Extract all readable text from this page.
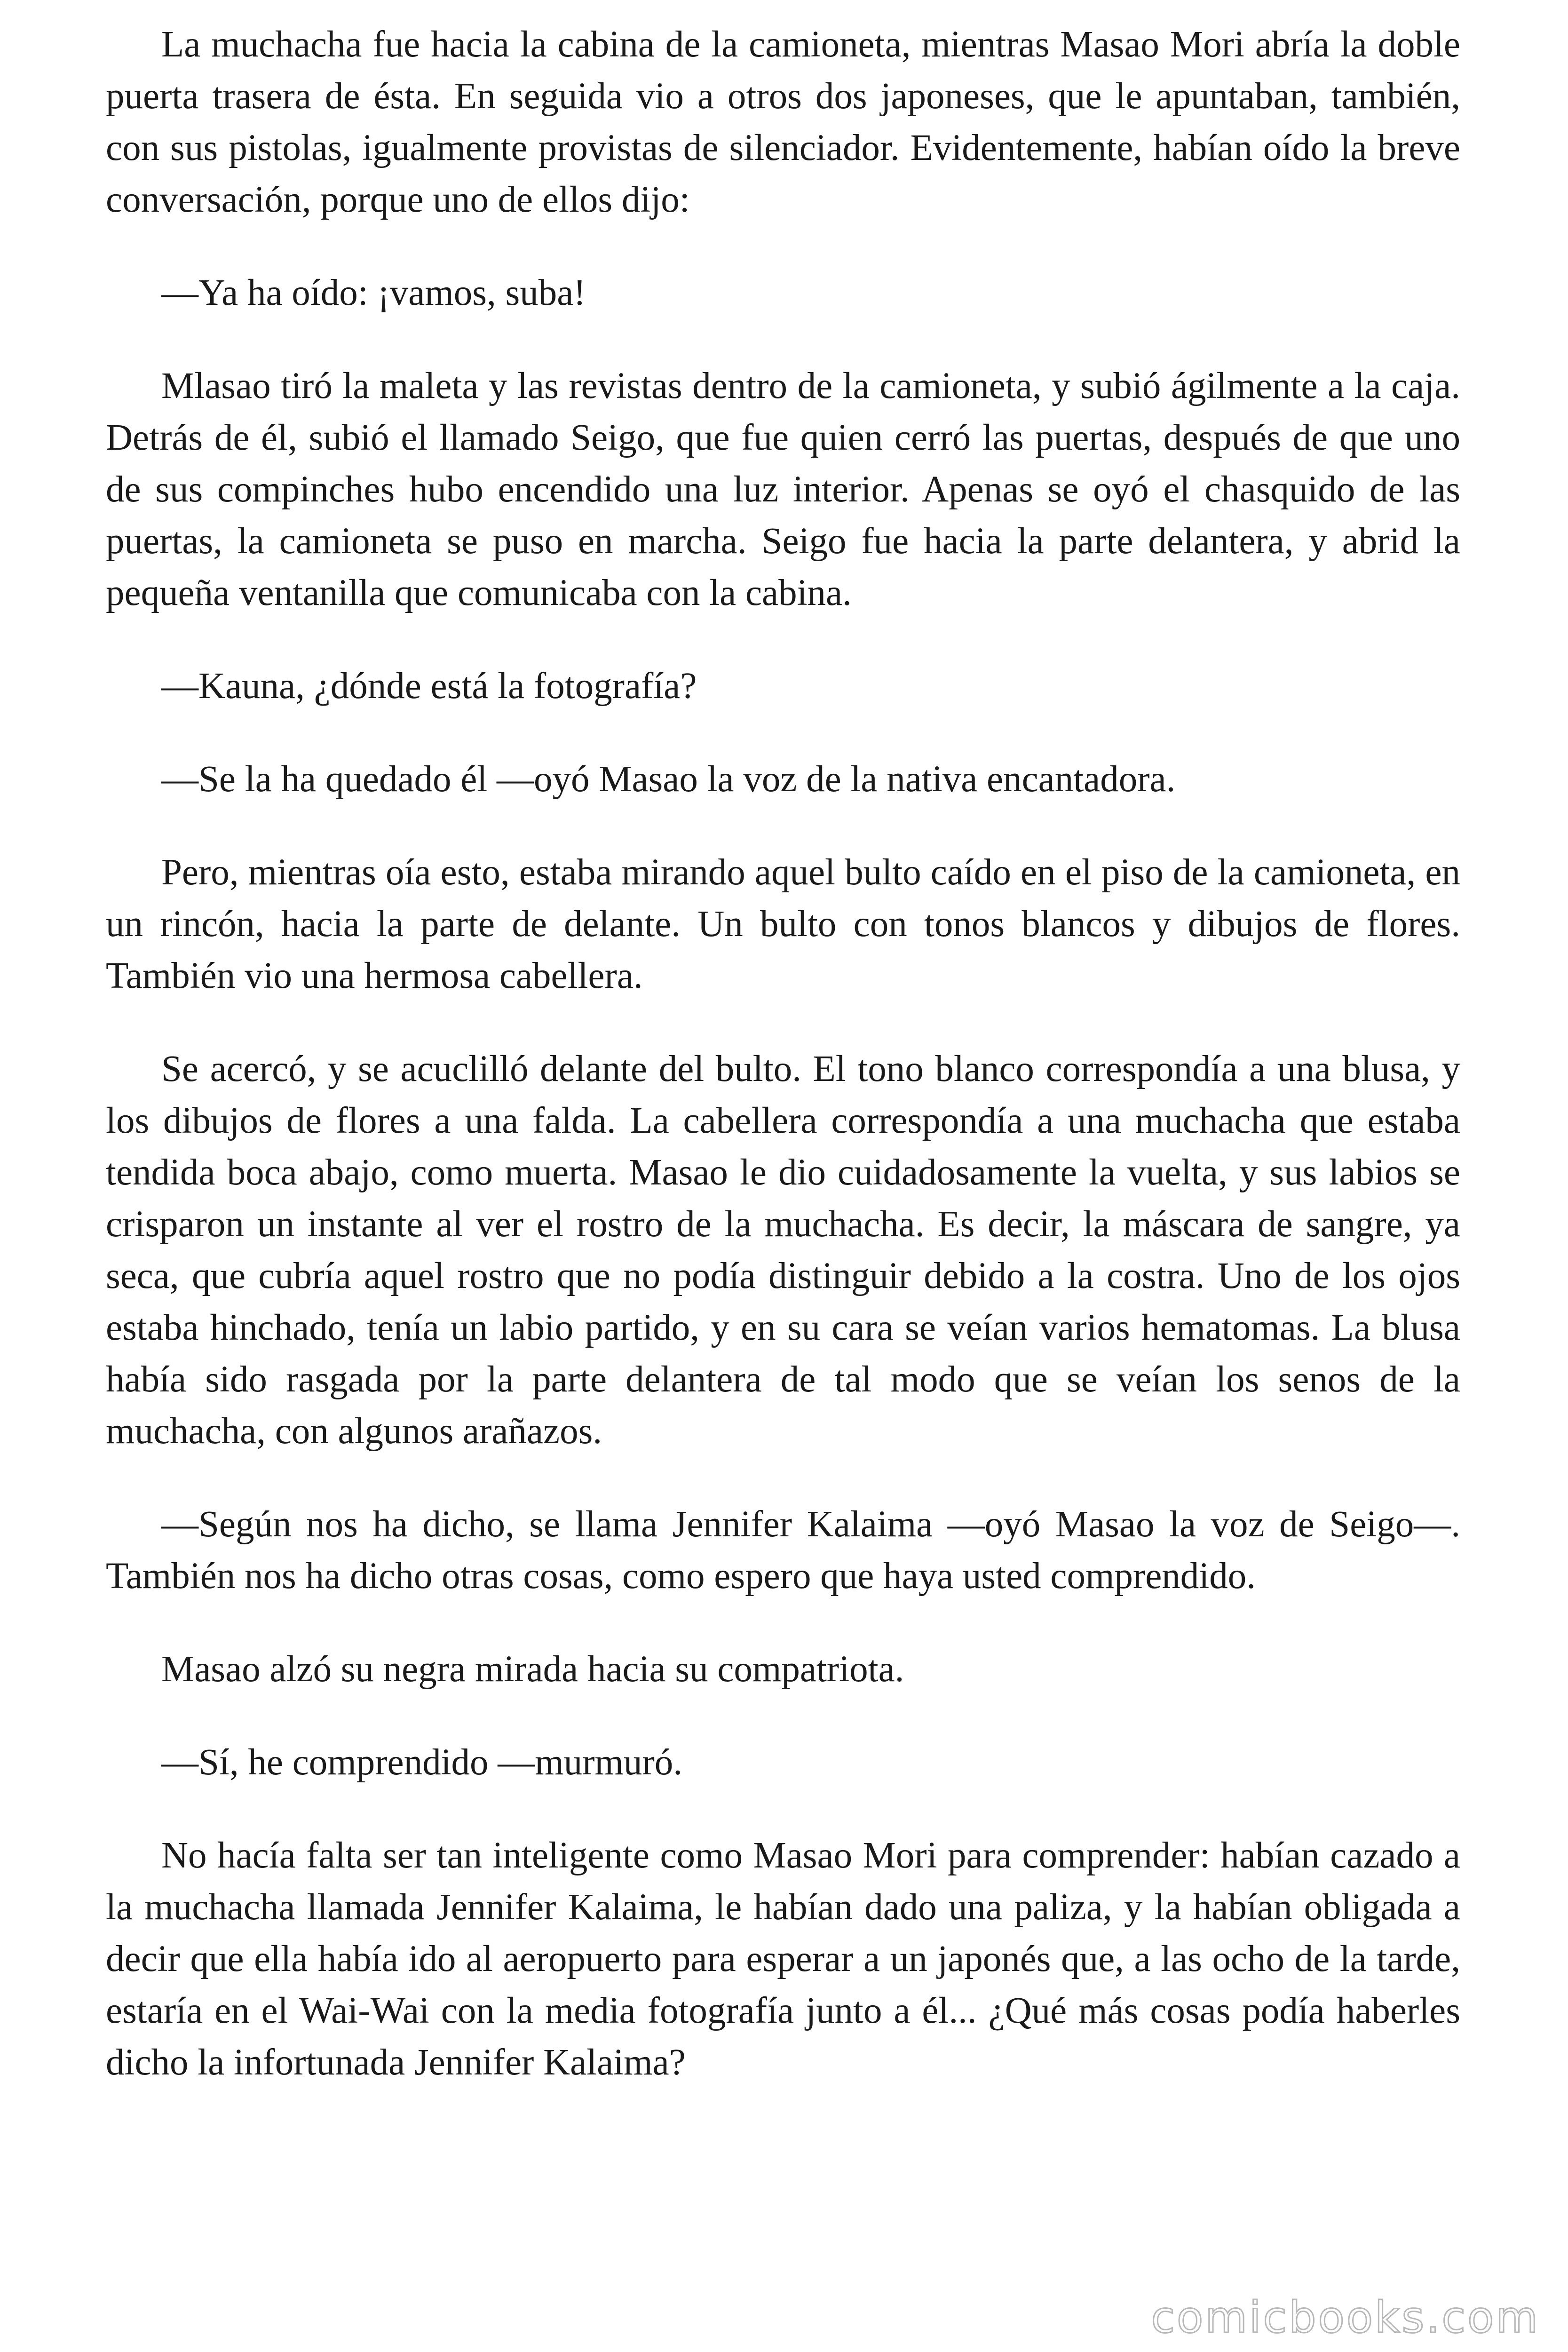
La muchacha fue hacia la cabina de la camioneta, mientras Masao Mori abría la doble puerta trasera de ésta. En seguida vio a otros dos japoneses, que le apuntaban, también, con sus pistolas, igualmente provistas de silenciador. Evidentemente, habían oído la breve conversación, porque uno de ellos dijo:

—Ya ha oído: ¡vamos, suba!

Mlasao tiró la maleta y las revistas dentro de la camioneta, y subió ágilmente a la caja. Detrás de él, subió el llamado Seigo, que fue quien cerró las puertas, después de que uno de sus compinches hubo encendido una luz interior. Apenas se oyó el chasquido de las puertas, la camioneta se puso en marcha. Seigo fue hacia la parte delantera, y abrid la pequeña ventanilla que comunicaba con la cabina.

—Kauna, ¿dónde está la fotografía?

—Se la ha quedado él —oyó Masao la voz de la nativa encantadora.

Pero, mientras oía esto, estaba mirando aquel bulto caído en el piso de la camioneta, en un rincón, hacia la parte de delante. Un bulto con tonos blancos y dibujos de flores. También vio una hermosa cabellera.

Se acercó, y se acuclilló delante del bulto. El tono blanco correspondía a una blusa, y los dibujos de flores a una falda. La cabellera correspondía a una muchacha que estaba tendida boca abajo, como muerta. Masao le dio cuidadosamente la vuelta, y sus labios se crisparon un instante al ver el rostro de la muchacha. Es decir, la máscara de sangre, ya seca, que cubría aquel rostro que no podía distinguir debido a la costra. Uno de los ojos estaba hinchado, tenía un labio partido, y en su cara se veían varios hematomas. La blusa había sido rasgada por la parte delantera de tal modo que se veían los senos de la muchacha, con algunos arañazos.

—Según nos ha dicho, se llama Jennifer Kalaima —oyó Masao la voz de Seigo—. También nos ha dicho otras cosas, como espero que haya usted comprendido.

Masao alzó su negra mirada hacia su compatriota.

—Sí, he comprendido —murmuró.

No hacía falta ser tan inteligente como Masao Mori para comprender: habían cazado a la muchacha llamada Jennifer Kalaima, le habían dado una paliza, y la habían obligada a decir que ella había ido al aeropuerto para esperar a un japonés que, a las ocho de la tarde, estaría en el Wai-Wai con la media fotografía junto a él... ¿Qué más cosas podía haberles dicho la infortunada Jennifer Kalaima?

comicbooks.com
